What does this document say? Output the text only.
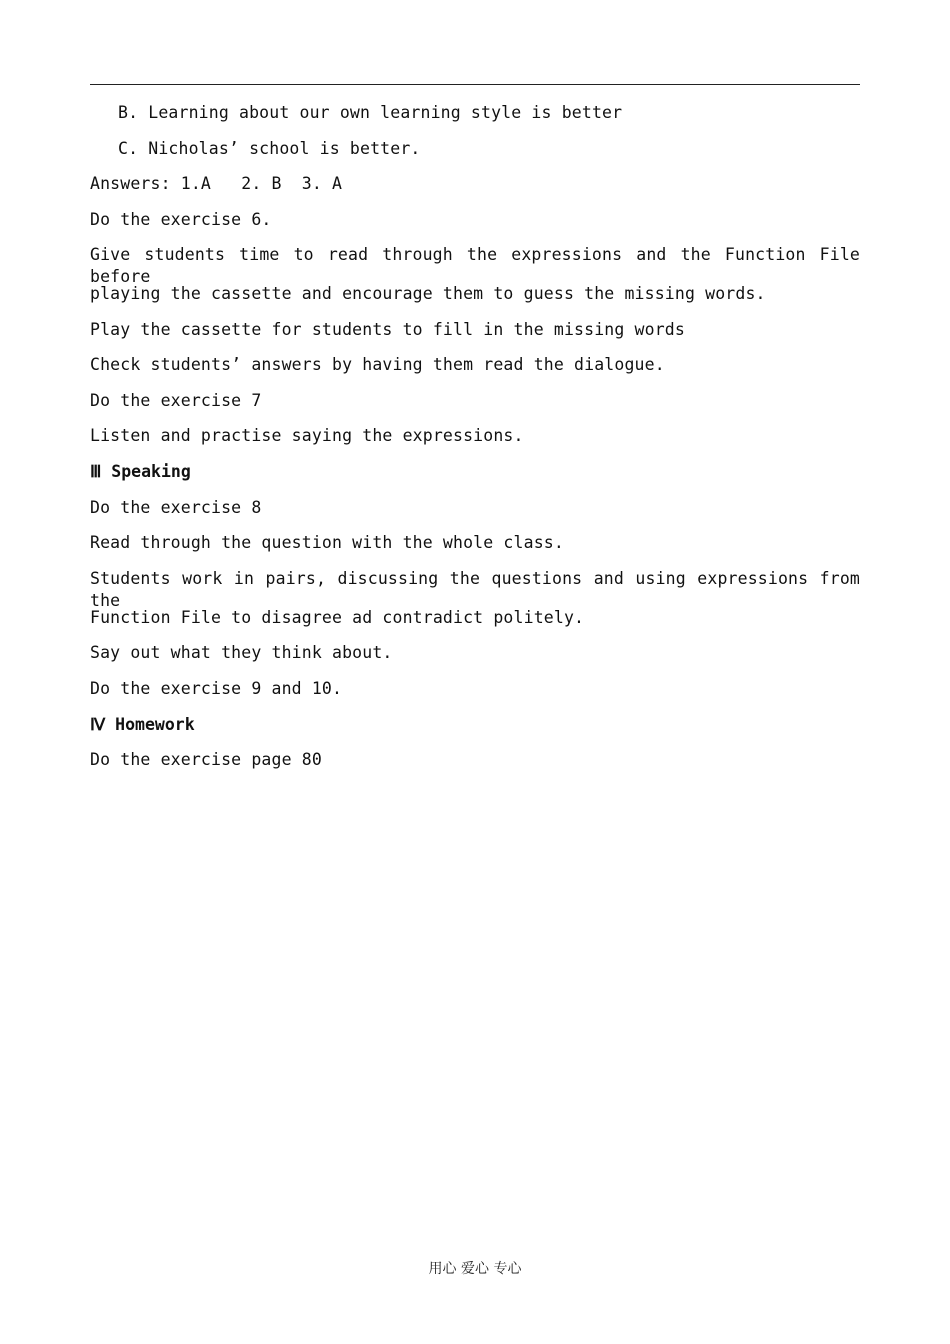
B. Learning about our own learning style is better
C. Nicholas’ school is better.
Answers: 1.A   2. B  3. A
Do the exercise 6.
Give students time to read through the expressions and the Function File before
playing the cassette and encourage them to guess the missing words.
Play the cassette for students to fill in the missing words
Check students’ answers by having them read the dialogue.
Do the exercise 7
Listen and practise saying the expressions.
Ⅲ Speaking
Do the exercise 8
Read through the question with the whole class.
Students work in pairs, discussing the questions and using expressions from the
Function File to disagree ad contradict politely.
Say out what they think about.
Do the exercise 9 and 10.
Ⅳ Homework
Do the exercise page 80
用心 爱心 专心
